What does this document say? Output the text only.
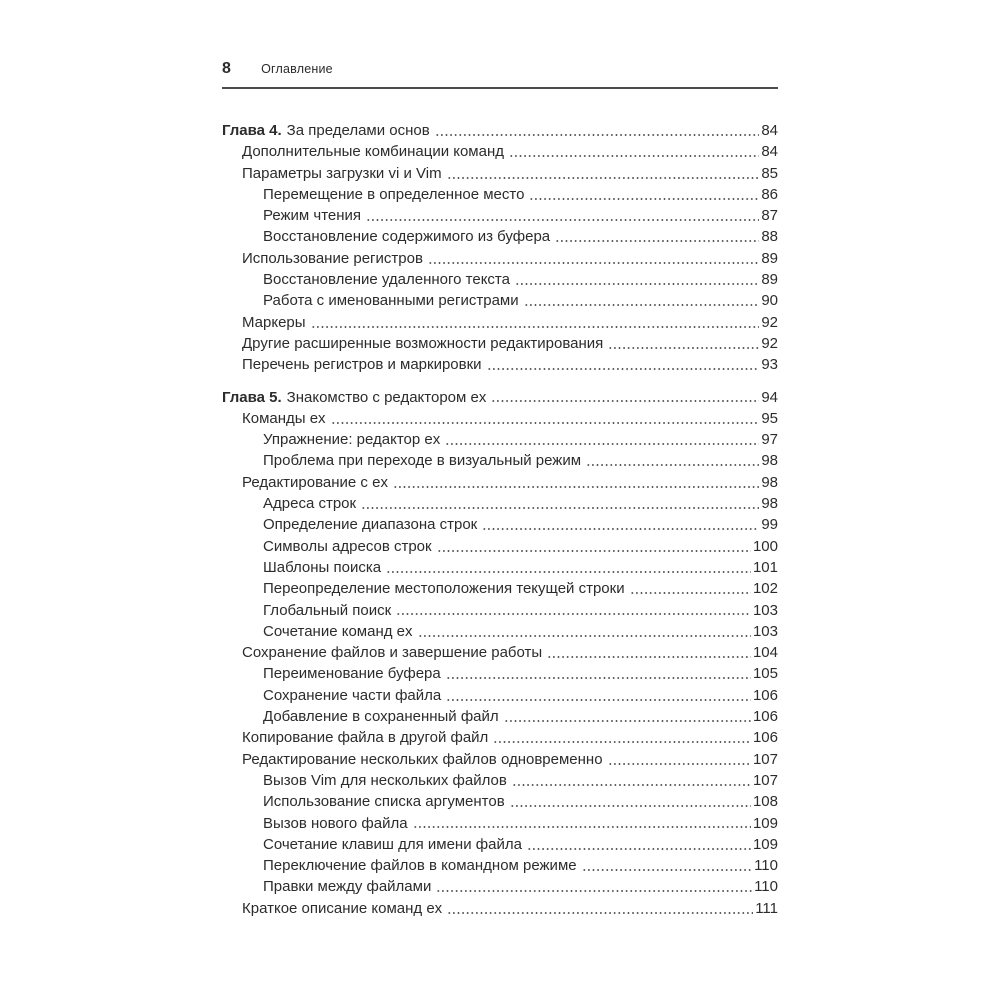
8 Оглавление
Глава 4. За пределами основ	84
Дополнительные комбинации команд	84
Параметры загрузки vi и Vim	85
Перемещение в определенное место	86
Режим чтения	87
Восстановление содержимого из буфера	88
Использование регистров	89
Восстановление удаленного текста	89
Работа с именованными регистрами	90
Маркеры	92
Другие расширенные возможности редактирования	92
Перечень регистров и маркировки	93
Глава 5. Знакомство с редактором ex	94
Команды ex	95
Упражнение: редактор ex	97
Проблема при переходе в визуальный режим	98
Редактирование с ex	98
Адреса строк	98
Определение диапазона строк	99
Символы адресов строк	100
Шаблоны поиска	101
Переопределение местоположения текущей строки	102
Глобальный поиск	103
Сочетание команд ex	103
Сохранение файлов и завершение работы	104
Переименование буфера	105
Сохранение части файла	106
Добавление в сохраненный файл	106
Копирование файла в другой файл	106
Редактирование нескольких файлов одновременно	107
Вызов Vim для нескольких файлов	107
Использование списка аргументов	108
Вызов нового файла	109
Сочетание клавиш для имени файла	109
Переключение файлов в командном режиме	110
Правки между файлами	110
Краткое описание команд ex	111
